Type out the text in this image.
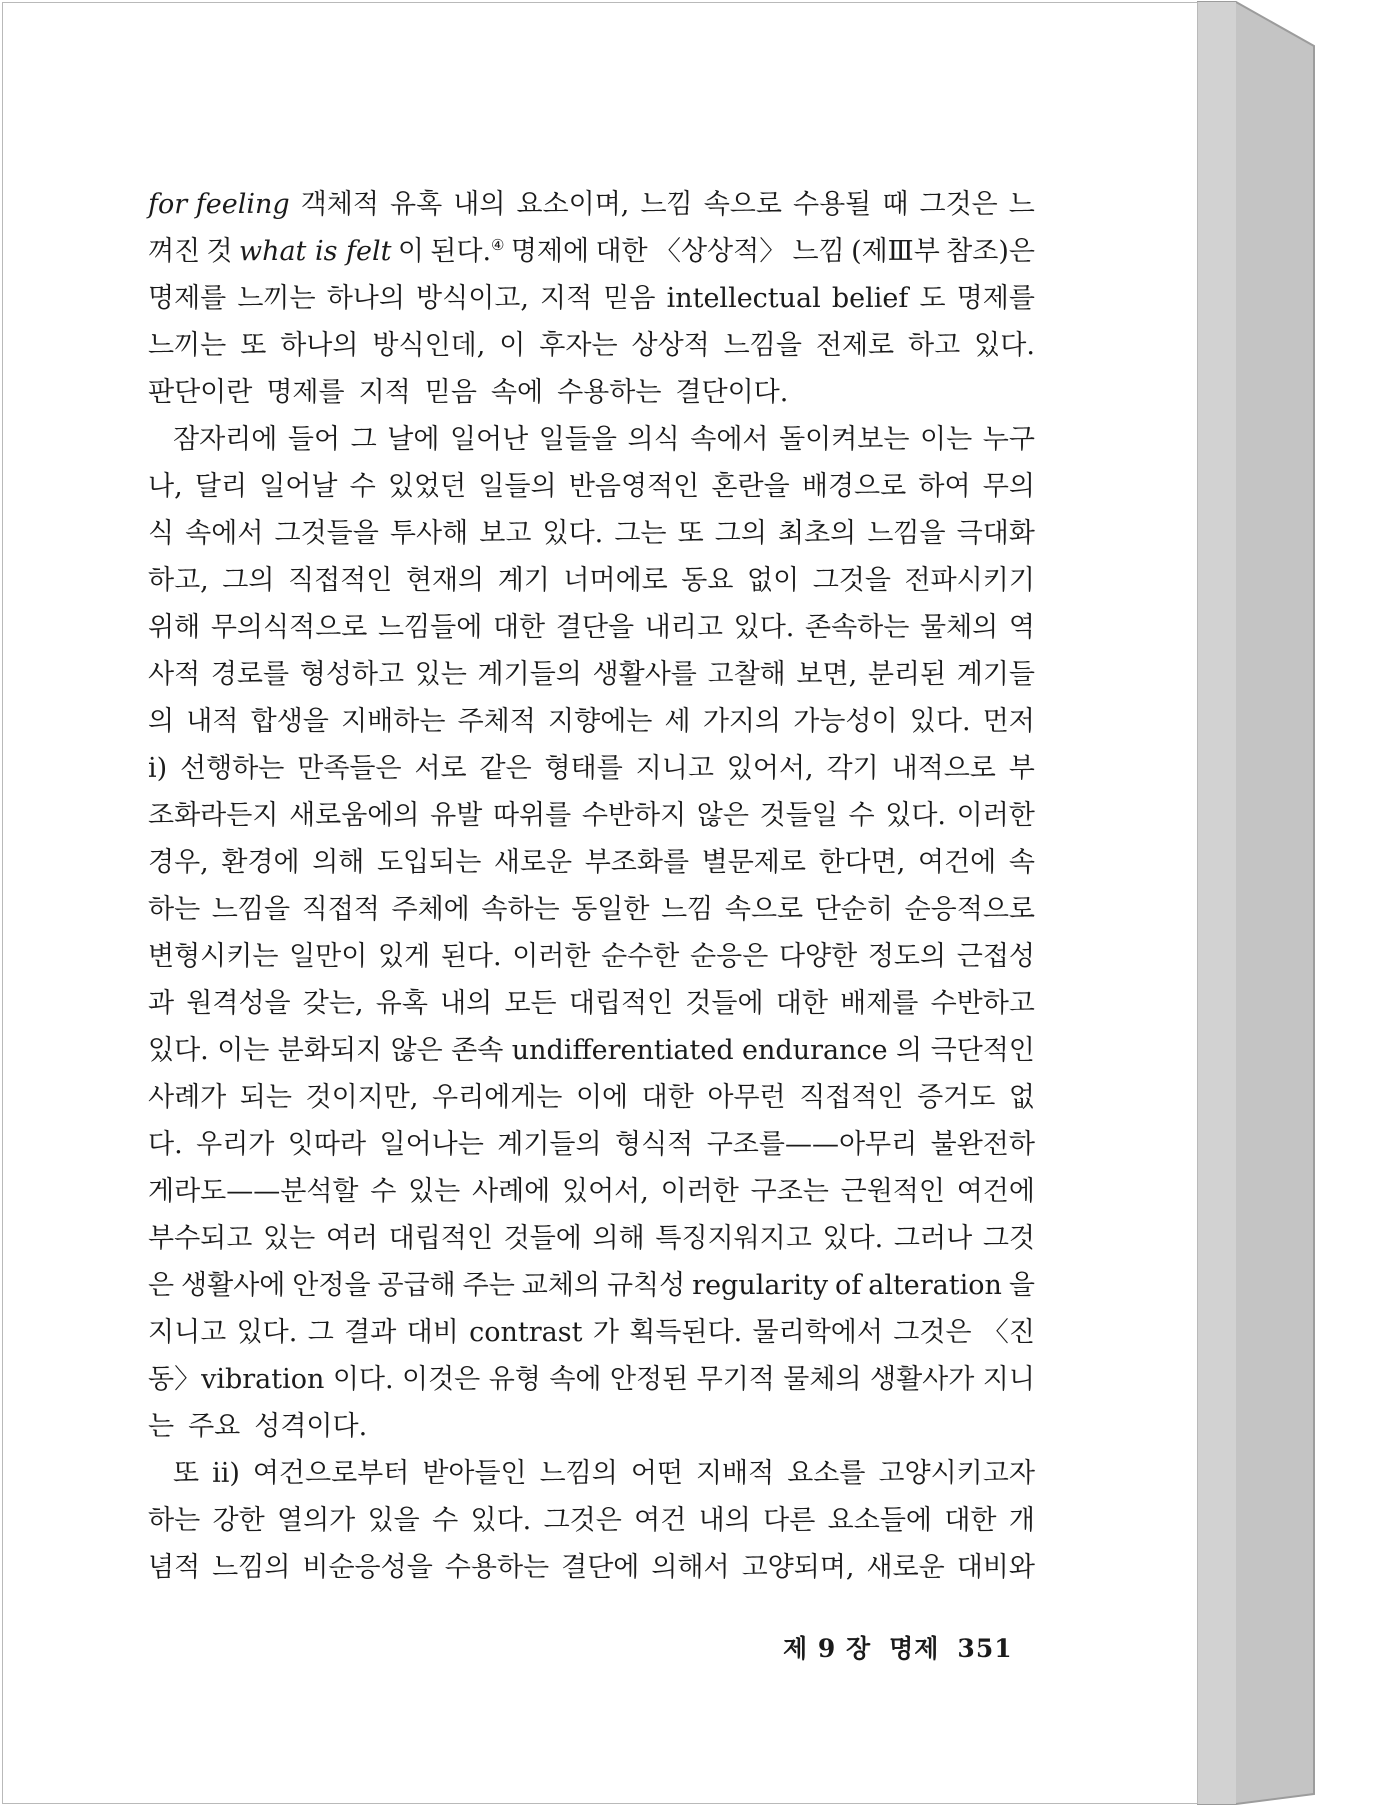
for feeling 객체적 유혹 내의 요소이며, 느낌 속으로 수용될 때 그것은 느
껴진 것 what is felt 이 된다.④ 명제에 대한 〈상상적〉 느낌 (제Ⅲ부 참조)은
명제를 느끼는 하나의 방식이고, 지적 믿음 intellectual belief 도 명제를
느끼는 또 하나의 방식인데, 이 후자는 상상적 느낌을 전제로 하고 있다.
판단이란 명제를 지적 믿음 속에 수용하는 결단이다.
잠자리에 들어 그 날에 일어난 일들을 의식 속에서 돌이켜보는 이는 누구
나, 달리 일어날 수 있었던 일들의 반음영적인 혼란을 배경으로 하여 무의
식 속에서 그것들을 투사해 보고 있다. 그는 또 그의 최초의 느낌을 극대화
하고, 그의 직접적인 현재의 계기 너머에로 동요 없이 그것을 전파시키기
위해 무의식적으로 느낌들에 대한 결단을 내리고 있다. 존속하는 물체의 역
사적 경로를 형성하고 있는 계기들의 생활사를 고찰해 보면, 분리된 계기들
의 내적 합생을 지배하는 주체적 지향에는 세 가지의 가능성이 있다. 먼저
ⅰ) 선행하는 만족들은 서로 같은 형태를 지니고 있어서, 각기 내적으로 부
조화라든지 새로움에의 유발 따위를 수반하지 않은 것들일 수 있다. 이러한
경우, 환경에 의해 도입되는 새로운 부조화를 별문제로 한다면, 여건에 속
하는 느낌을 직접적 주체에 속하는 동일한 느낌 속으로 단순히 순응적으로
변형시키는 일만이 있게 된다. 이러한 순수한 순응은 다양한 정도의 근접성
과 원격성을 갖는, 유혹 내의 모든 대립적인 것들에 대한 배제를 수반하고
있다. 이는 분화되지 않은 존속 undifferentiated endurance 의 극단적인
사례가 되는 것이지만, 우리에게는 이에 대한 아무런 직접적인 증거도 없
다. 우리가 잇따라 일어나는 계기들의 형식적 구조를——아무리 불완전하
게라도——분석할 수 있는 사례에 있어서, 이러한 구조는 근원적인 여건에
부수되고 있는 여러 대립적인 것들에 의해 특징지워지고 있다. 그러나 그것
은 생활사에 안정을 공급해 주는 교체의 규칙성 regularity of alteration 을
지니고 있다. 그 결과 대비 contrast 가 획득된다. 물리학에서 그것은 〈진
동〉vibration 이다. 이것은 유형 속에 안정된 무기적 물체의 생활사가 지니
는 주요 성격이다.
또 ⅱ) 여건으로부터 받아들인 느낌의 어떤 지배적 요소를 고양시키고자
하는 강한 열의가 있을 수 있다. 그것은 여건 내의 다른 요소들에 대한 개
념적 느낌의 비순응성을 수용하는 결단에 의해서 고양되며, 새로운 대비와
제 9 장 명제 351
